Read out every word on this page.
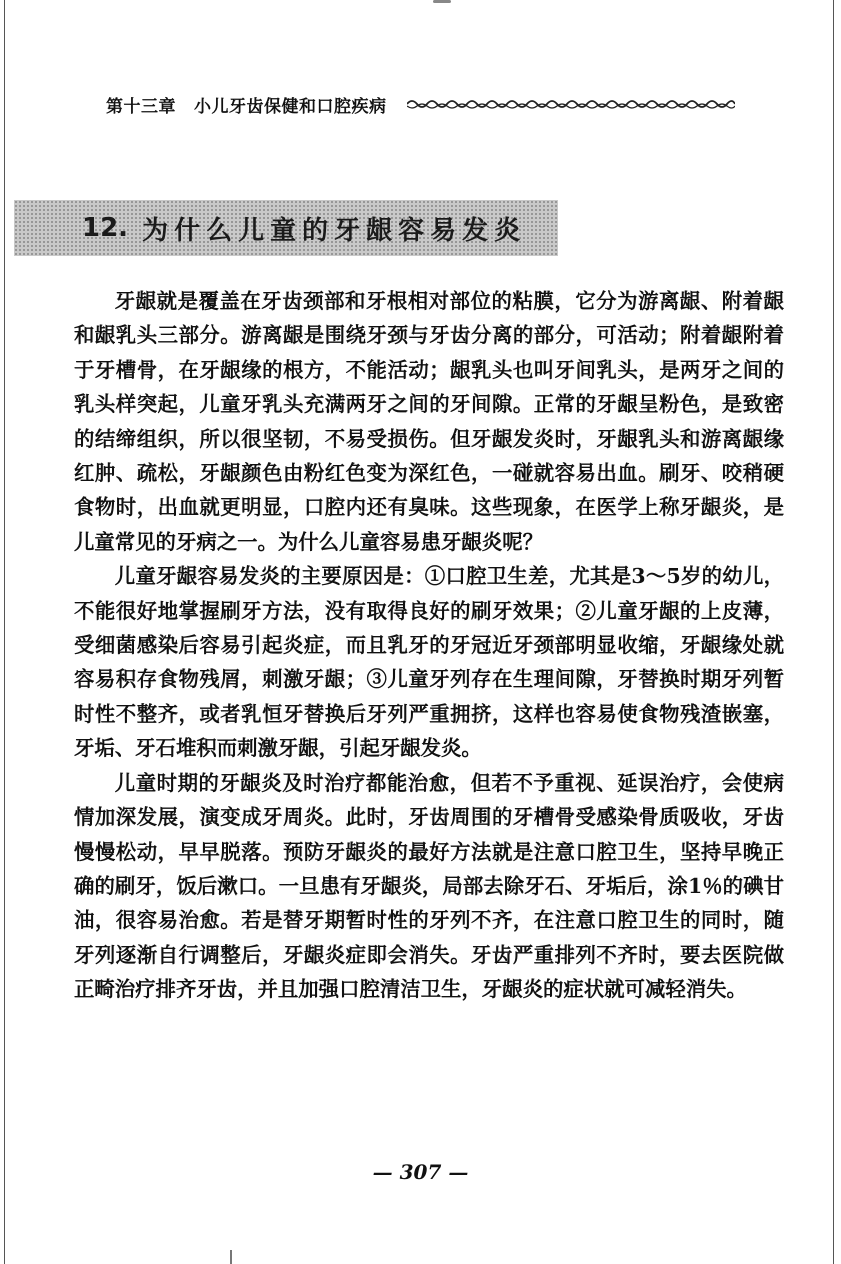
第十三章 小儿牙齿保健和口腔疾病
12. 为什么儿童的牙龈容易发炎

牙龈就是覆盖在牙齿颈部和牙根相对部位的粘膜，它分为游离龈、附着龈和龈乳头三部分。游离龈是围绕牙颈与牙齿分离的部分，可活动；附着龈附着于牙槽骨，在牙龈缘的根方，不能活动；龈乳头也叫牙间乳头，是两牙之间的乳头样突起，儿童牙乳头充满两牙之间的牙间隙。正常的牙龈呈粉色，是致密的结缔组织，所以很坚韧，不易受损伤。但牙龈发炎时，牙龈乳头和游离龈缘红肿、疏松，牙龈颜色由粉红色变为深红色，一碰就容易出血。刷牙、咬稍硬食物时，出血就更明显，口腔内还有臭味。这些现象，在医学上称牙龈炎，是儿童常见的牙病之一。为什么儿童容易患牙龈炎呢？

儿童牙龈容易发炎的主要原因是：①口腔卫生差，尤其是3～5岁的幼儿，不能很好地掌握刷牙方法，没有取得良好的刷牙效果；②儿童牙龈的上皮薄，受细菌感染后容易引起炎症，而且乳牙的牙冠近牙颈部明显收缩，牙龈缘处就容易积存食物残屑，刺激牙龈；③儿童牙列存在生理间隙，牙替换时期牙列暂时性不整齐，或者乳恒牙替换后牙列严重拥挤，这样也容易使食物残渣嵌塞，牙垢、牙石堆积而刺激牙龈，引起牙龈发炎。

儿童时期的牙龈炎及时治疗都能治愈，但若不予重视、延误治疗，会使病情加深发展，演变成牙周炎。此时，牙齿周围的牙槽骨受感染骨质吸收，牙齿慢慢松动，早早脱落。预防牙龈炎的最好方法就是注意口腔卫生，坚持早晚正确的刷牙，饭后漱口。一旦患有牙龈炎，局部去除牙石、牙垢后，涂1％的碘甘油，很容易治愈。若是替牙期暂时性的牙列不齐，在注意口腔卫生的同时，随牙列逐渐自行调整后，牙龈炎症即会消失。牙齿严重排列不齐时，要去医院做正畸治疗排齐牙齿，并且加强口腔清洁卫生，牙龈炎的症状就可减轻消失。

— 307 —
